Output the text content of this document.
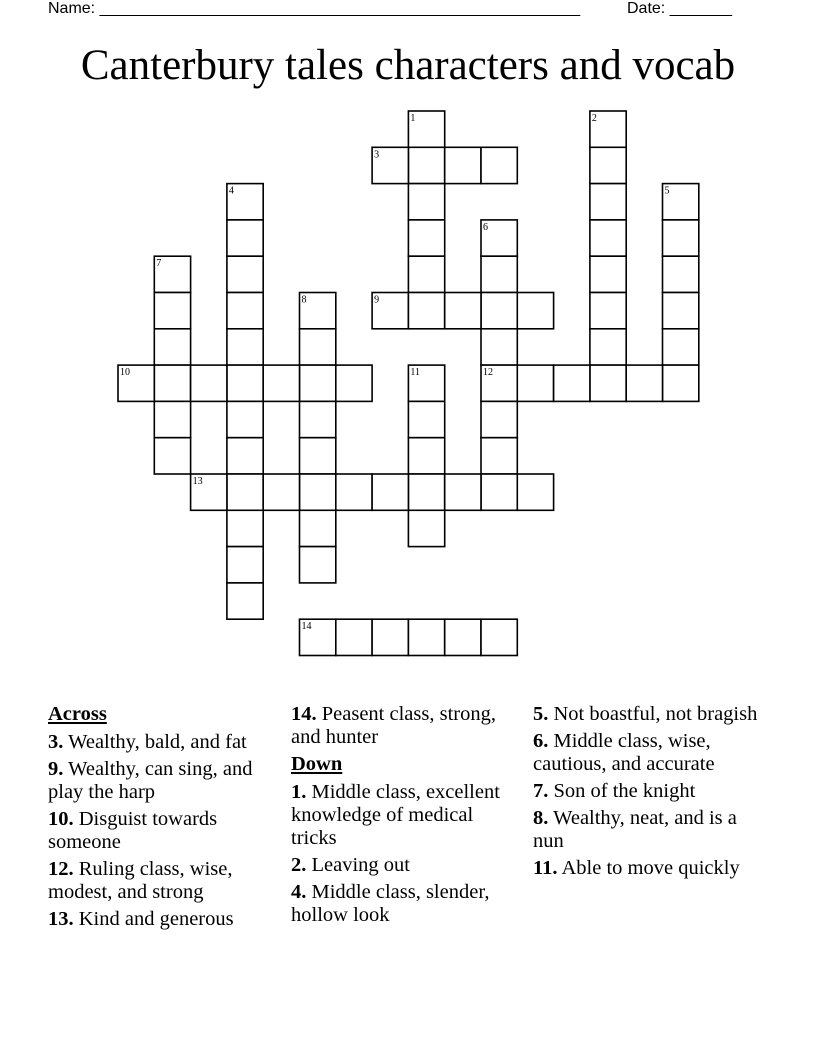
Name: ______________________________________________________	Date: _______
Canterbury tales characters and vocab
1	2
3
4	5
6
7
8	9
10	11	12
13
14
Across
3. Wealthy, bald, and fat
9. Wealthy, can sing, and play the harp
10. Disguist towards someone
12. Ruling class, wise, modest, and strong
13. Kind and generous
14. Peasent class, strong, and hunter
Down
1. Middle class, excellent knowledge of medical tricks
2. Leaving out
4. Middle class, slender, hollow look
5. Not boastful, not bragish
6. Middle class, wise, cautious, and accurate
7. Son of the knight
8. Wealthy, neat, and is a nun
11. Able to move quickly
